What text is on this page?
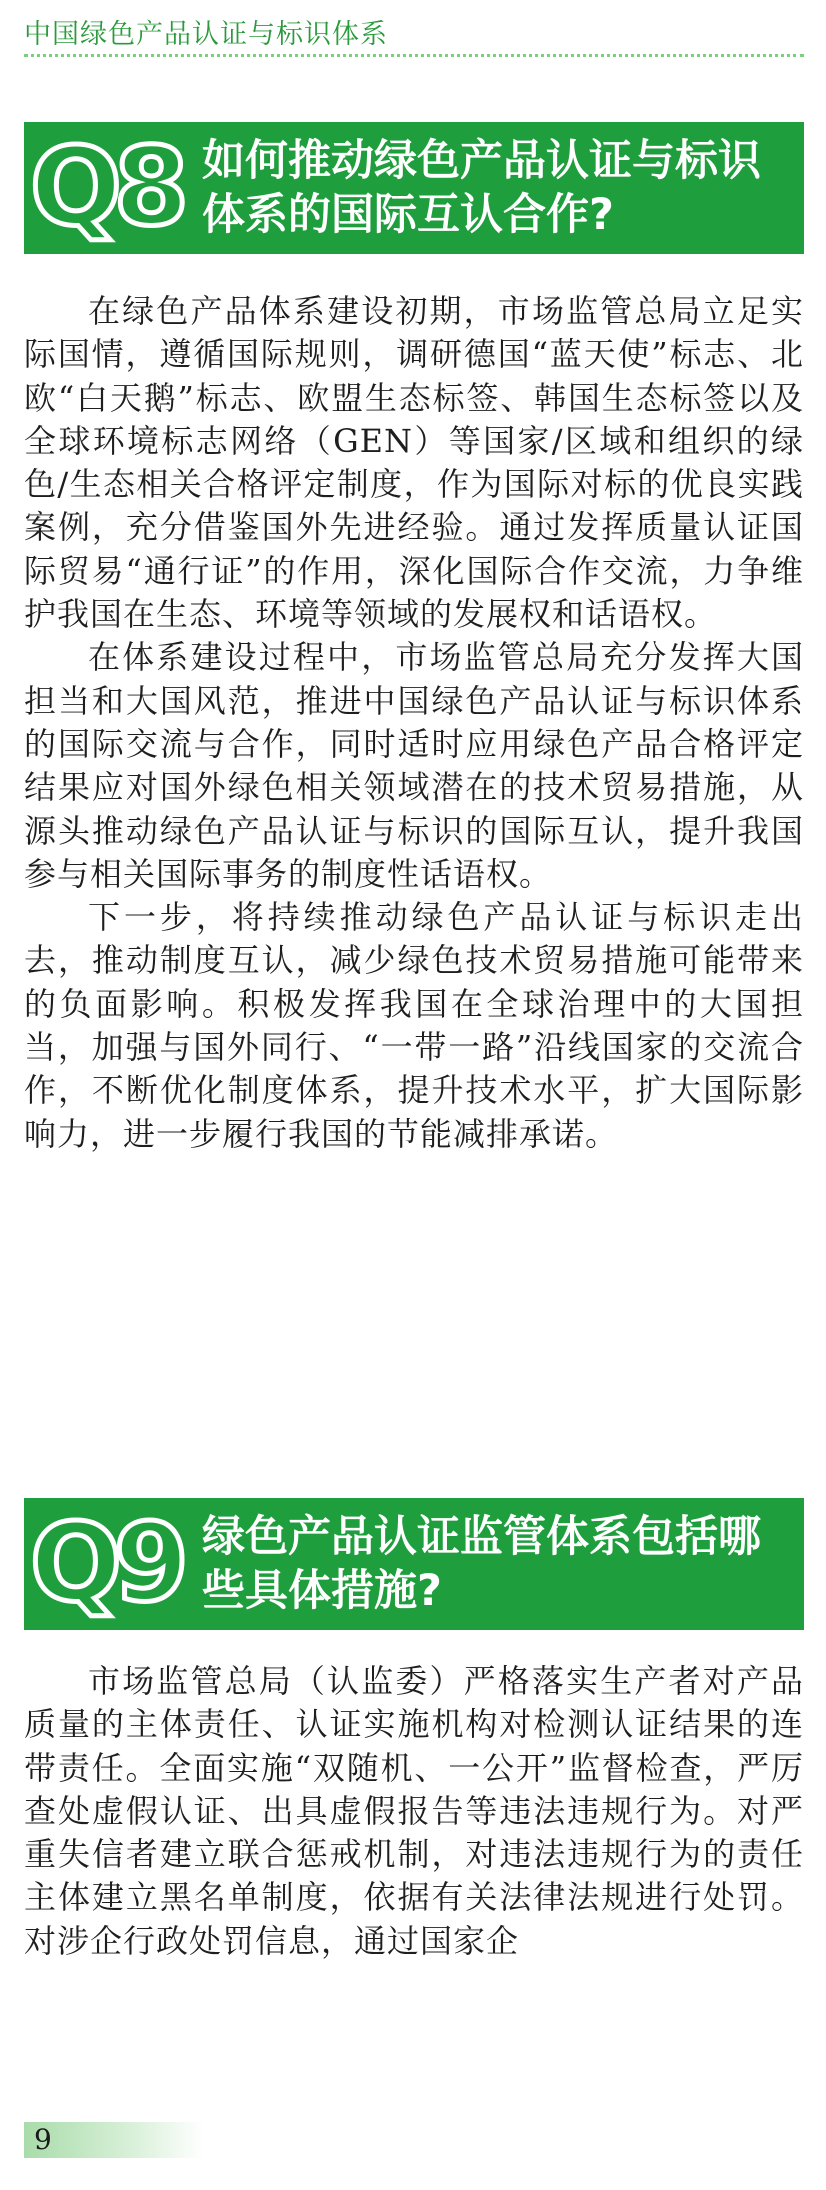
中国绿色产品认证与标识体系
Q8 如何推动绿色产品认证与标识体系的国际互认合作?

在绿色产品体系建设初期，市场监管总局立足实际国情，遵循国际规则，调研德国“蓝天使”标志、北欧“白天鹅”标志、欧盟生态标签、韩国生态标签以及全球环境标志网络（GEN）等国家/区域和组织的绿色/生态相关合格评定制度，作为国际对标的优良实践案例，充分借鉴国外先进经验。通过发挥质量认证国际贸易“通行证”的作用，深化国际合作交流，力争维护我国在生态、环境等领域的发展权和话语权。

在体系建设过程中，市场监管总局充分发挥大国担当和大国风范，推进中国绿色产品认证与标识体系的国际交流与合作，同时适时应用绿色产品合格评定结果应对国外绿色相关领域潜在的技术贸易措施，从源头推动绿色产品认证与标识的国际互认，提升我国参与相关国际事务的制度性话语权。

下一步，将持续推动绿色产品认证与标识走出去，推动制度互认，减少绿色技术贸易措施可能带来的负面影响。积极发挥我国在全球治理中的大国担当，加强与国外同行、“一带一路”沿线国家的交流合作，不断优化制度体系，提升技术水平，扩大国际影响力，进一步履行我国的节能减排承诺。

Q9 绿色产品认证监管体系包括哪些具体措施?

市场监管总局（认监委）严格落实生产者对产品质量的主体责任、认证实施机构对检测认证结果的连带责任。全面实施“双随机、一公开”监督检查，严厉查处虚假认证、出具虚假报告等违法违规行为。对严重失信者建立联合惩戒机制，对违法违规行为的责任主体建立黑名单制度，依据有关法律法规进行处罚。对涉企行政处罚信息，通过国家企

9
